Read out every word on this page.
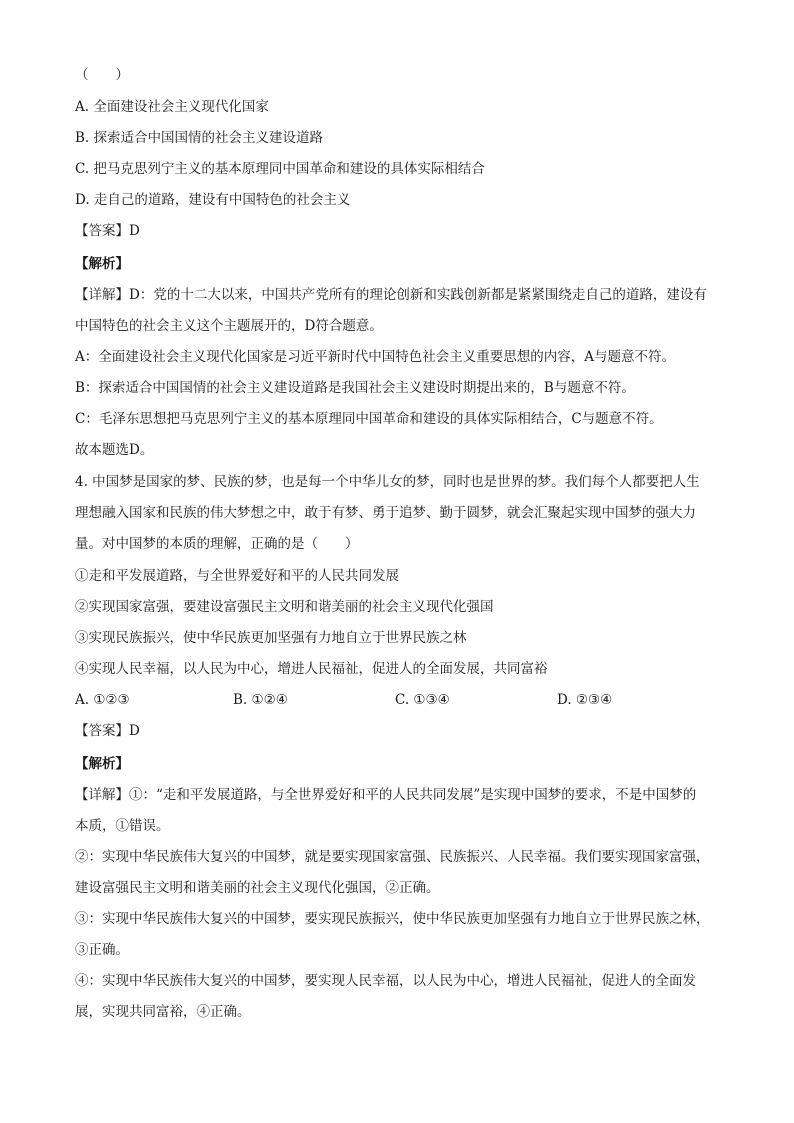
（　　）
A. 全面建设社会主义现代化国家
B. 探索适合中国国情的社会主义建设道路
C. 把马克思列宁主义的基本原理同中国革命和建设的具体实际相结合
D. 走自己的道路，建设有中国特色的社会主义
【答案】D
【解析】
【详解】D：党的十二大以来，中国共产党所有的理论创新和实践创新都是紧紧围绕走自己的道路，建设有
中国特色的社会主义这个主题展开的，D符合题意。
A：全面建设社会主义现代化国家是习近平新时代中国特色社会主义重要思想的内容，A与题意不符。
B：探索适合中国国情的社会主义建设道路是我国社会主义建设时期提出来的，B与题意不符。
C：毛泽东思想把马克思列宁主义的基本原理同中国革命和建设的具体实际相结合，C与题意不符。
故本题选D。
4. 中国梦是国家的梦、民族的梦，也是每一个中华儿女的梦，同时也是世界的梦。我们每个人都要把人生
理想融入国家和民族的伟大梦想之中，敢于有梦、勇于追梦、勤于圆梦，就会汇聚起实现中国梦的强大力
量。对中国梦的本质的理解，正确的是（　　）
①走和平发展道路，与全世界爱好和平的人民共同发展
②实现国家富强，要建设富强民主文明和谐美丽的社会主义现代化强国
③实现民族振兴，使中华民族更加坚强有力地自立于世界民族之林
④实现人民幸福，以人民为中心，增进人民福祉，促进人的全面发展，共同富裕
A. ①②③	B. ①②④	C. ①③④	D. ②③④
【答案】D
【解析】
【详解】①：“走和平发展道路，与全世界爱好和平的人民共同发展”是实现中国梦的要求，不是中国梦的
本质，①错误。
②：实现中华民族伟大复兴的中国梦，就是要实现国家富强、民族振兴、人民幸福。我们要实现国家富强，
建设富强民主文明和谐美丽的社会主义现代化强国，②正确。
③：实现中华民族伟大复兴的中国梦，要实现民族振兴，使中华民族更加坚强有力地自立于世界民族之林，
③正确。
④：实现中华民族伟大复兴的中国梦，要实现人民幸福，以人民为中心，增进人民福祉，促进人的全面发
展，实现共同富裕，④正确。
